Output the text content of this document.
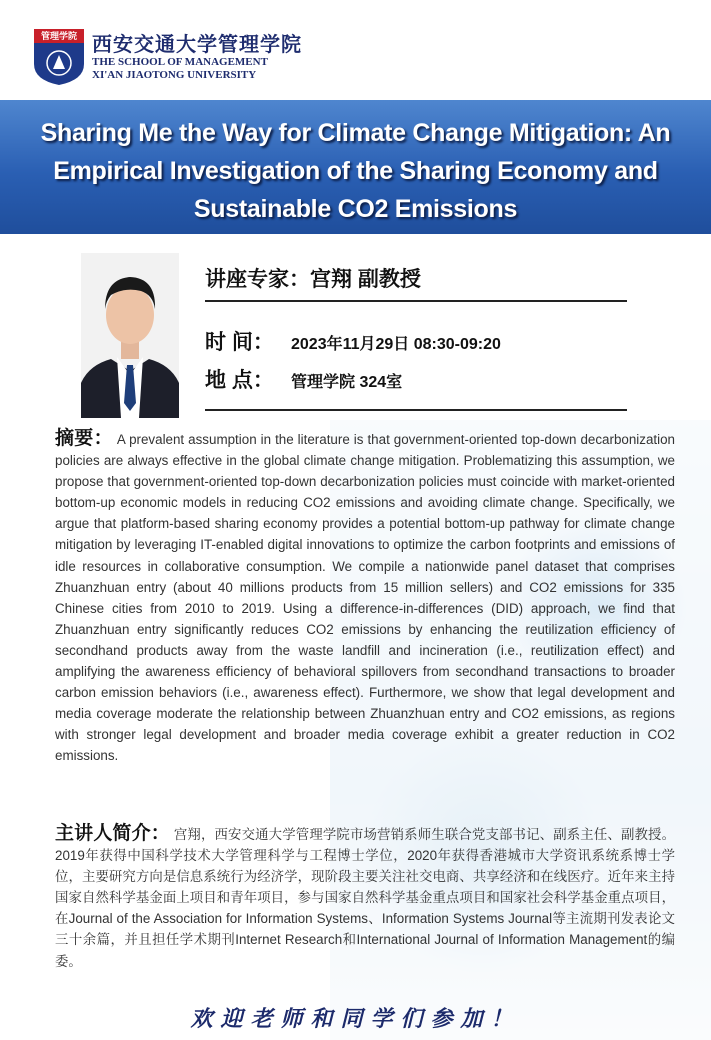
管理学院 西安交通大学管理学院
THE SCHOOL OF MANAGEMENT
XI'AN JIAOTONG UNIVERSITY
Sharing Me the Way for Climate Change Mitigation: An Empirical Investigation of the Sharing Economy and Sustainable CO2 Emissions
讲座专家：宫翔 副教授
时 间： 2023年11月29日 08:30-09:20
地 点： 管理学院 324室
摘要： A prevalent assumption in the literature is that government-oriented top-down decarbonization policies are always effective in the global climate change mitigation. Problematizing this assumption, we propose that government-oriented top-down decarbonization policies must coincide with market-oriented bottom-up economic models in reducing CO2 emissions and avoiding climate change. Specifically, we argue that platform-based sharing economy provides a potential bottom-up pathway for climate change mitigation by leveraging IT-enabled digital innovations to optimize the carbon footprints and emissions of idle resources in collaborative consumption. We compile a nationwide panel dataset that comprises Zhuanzhuan entry (about 40 millions products from 15 million sellers) and CO2 emissions for 335 Chinese cities from 2010 to 2019. Using a difference-in-differences (DID) approach, we find that Zhuanzhuan entry significantly reduces CO2 emissions by enhancing the reutilization efficiency of secondhand products away from the waste landfill and incineration (i.e., reutilization effect) and amplifying the awareness efficiency of behavioral spillovers from secondhand transactions to broader carbon emission behaviors (i.e., awareness effect). Furthermore, we show that legal development and media coverage moderate the relationship between Zhuanzhuan entry and CO2 emissions, as regions with stronger legal development and broader media coverage exhibit a greater reduction in CO2 emissions.
主讲人简介： 宫翔，西安交通大学管理学院市场营销系师生联合党支部书记、副系主任、副教授。2019年获得中国科学技术大学管理科学与工程博士学位，2020年获得香港城市大学资讯系统系博士学位，主要研究方向是信息系统行为经济学，现阶段主要关注社交电商、共享经济和在线医疗。近年来主持国家自然科学基金面上项目和青年项目，参与国家自然科学基金重点项目和国家社会科学基金重点项目，在Journal of the Association for Information Systems、Information Systems Journal等主流期刊发表论文三十余篇，并且担任学术期刊Internet Research和International Journal of Information Management的编委。
欢迎老师和同学们参加！
